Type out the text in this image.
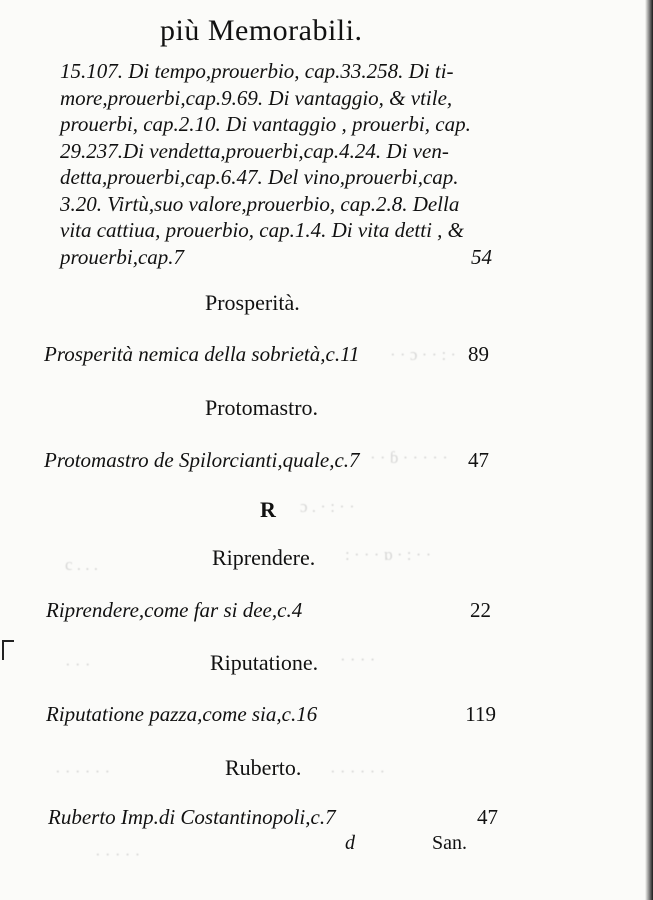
· · ɔ · · : ·
· · ɓ · · · · ·
ɔ . · : · ·
c . . .
: · · · ɒ · : · ·
· · ·	· · · ·
· · · · · ·	· · · · · ·
· · · · ·
più Memorabili.
15.107. Di tempo,prouerbio, cap.33.258. Di ti-
more,prouerbi,cap.9.69. Di vantaggio, & vtile,
prouerbi, cap.2.10. Di vantaggio , prouerbi, cap.
29.237.Di vendetta,prouerbi,cap.4.24. Di ven-
detta,prouerbi,cap.6.47. Del vino,prouerbi,cap.
3.20. Virtù,suo valore,prouerbio, cap.2.8. Della
vita cattiua, prouerbio, cap.1.4. Di vita detti , &
prouerbi,cap.7	54
Prosperità.
Prosperità nemica della sobrietà,c.11	89
Protomastro.
Protomastro de Spilorcianti,quale,c.7	47
R
Riprendere.
Riprendere,come far si dee,c.4	22
Riputatione.
Riputatione pazza,come sia,c.16	119
Ruberto.
Ruberto Imp.di Costantinopoli,c.7	47
d	San.
